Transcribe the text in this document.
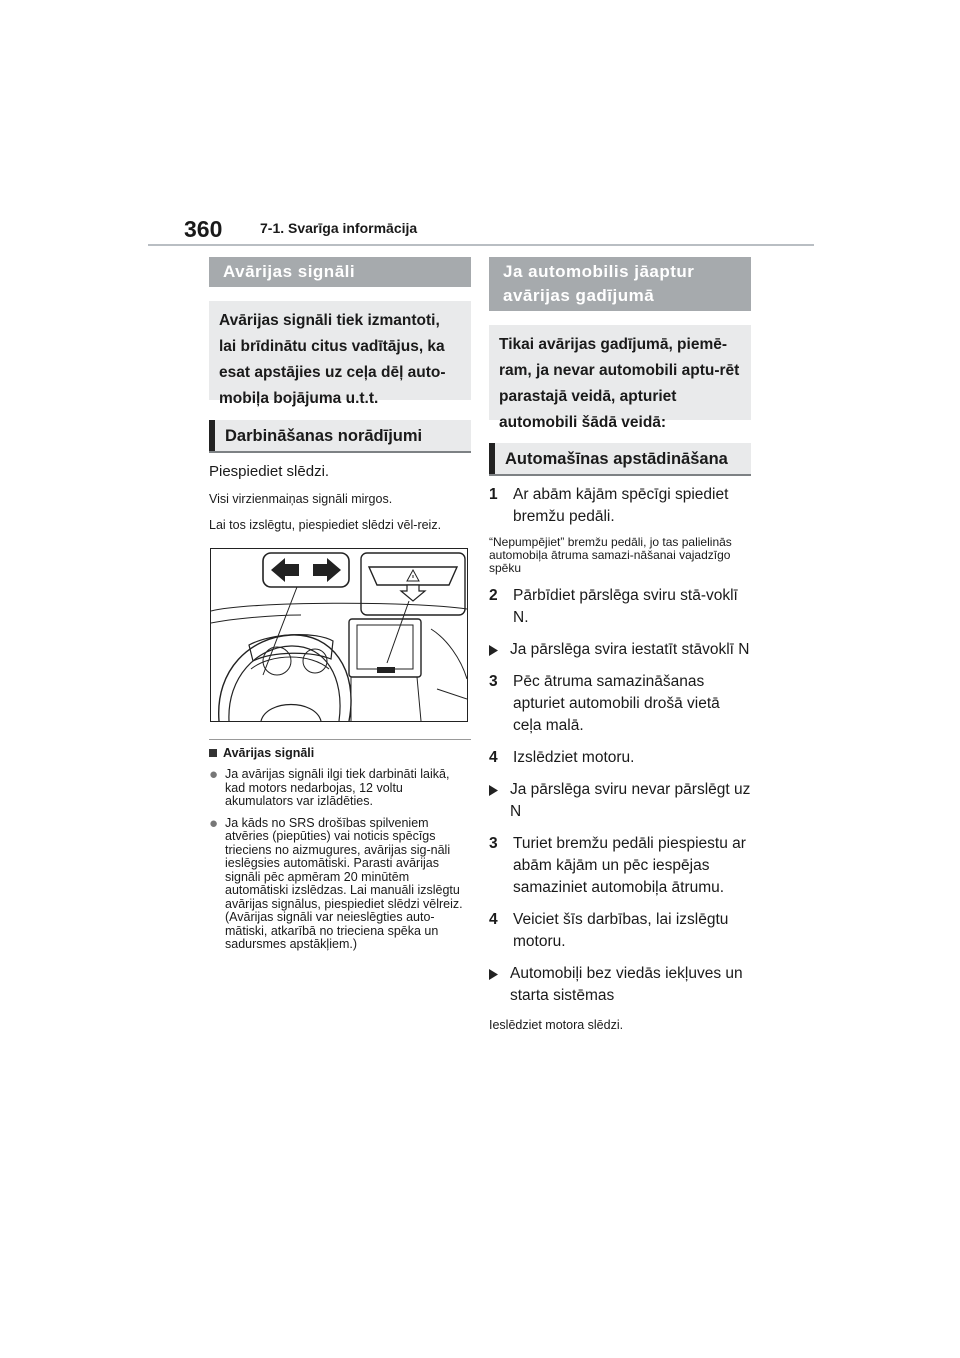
360	7-1. Svarīga informācija
Avārijas signāli
Avārijas signāli tiek izmantoti, lai brīdinātu citus vadītājus, ka esat apstājies uz ceļa dēļ auto-mobiļa bojājuma u.t.t.
Darbināšanas norādījumi
Piespiediet slēdzi.
Visi virzienmaiņas signāli mirgos.
Lai tos izslēgtu, piespiediet slēdzi vēl-reiz.
Avārijas signāli
● Ja avārijas signāli ilgi tiek darbināti laikā, kad motors nedarbojas, 12 voltu akumulators var izlādēties.
● Ja kāds no SRS drošības spilveniem atvēries (piepūties) vai noticis spēcīgs trieciens no aizmugures, avārijas sig-nāli ieslēgsies automātiski. Parasti avārijas signāli pēc apmēram 20 minūtēm automātiski izslēdzas. Lai manuāli izslēgtu avārijas signālus, piespiediet slēdzi vēlreiz. (Avārijas signāli var neieslēgties auto-mātiski, atkarībā no trieciena spēka un sadursmes apstākļiem.)
Ja automobilis jāaptur avārijas gadījumā
Tikai avārijas gadījumā, piemē-ram, ja nevar automobili aptu-rēt parastajā veidā, apturiet automobili šādā veidā:
Automašīnas apstādināšana
1 Ar abām kājām spēcīgi spiediet bremžu pedāli.
“Nepumpējiet” bremžu pedāli, jo tas palielinās automobiļa ātruma samazi-nāšanai vajadzīgo spēku
2 Pārbīdiet pārslēga sviru stā-voklī N.
Ja pārslēga svira iestatīt stāvoklī N
3 Pēc ātruma samazināšanas apturiet automobili drošā vietā ceļa malā.
4 Izslēdziet motoru.
Ja pārslēga sviru nevar pārslēgt uz N
3 Turiet bremžu pedāli piespiestu ar abām kājām un pēc iespējas samaziniet automobiļa ātrumu.
4 Veiciet šīs darbības, lai izslēgtu motoru.
Automobiļi bez viedās iekļuves un starta sistēmas
Ieslēdziet motora slēdzi.
